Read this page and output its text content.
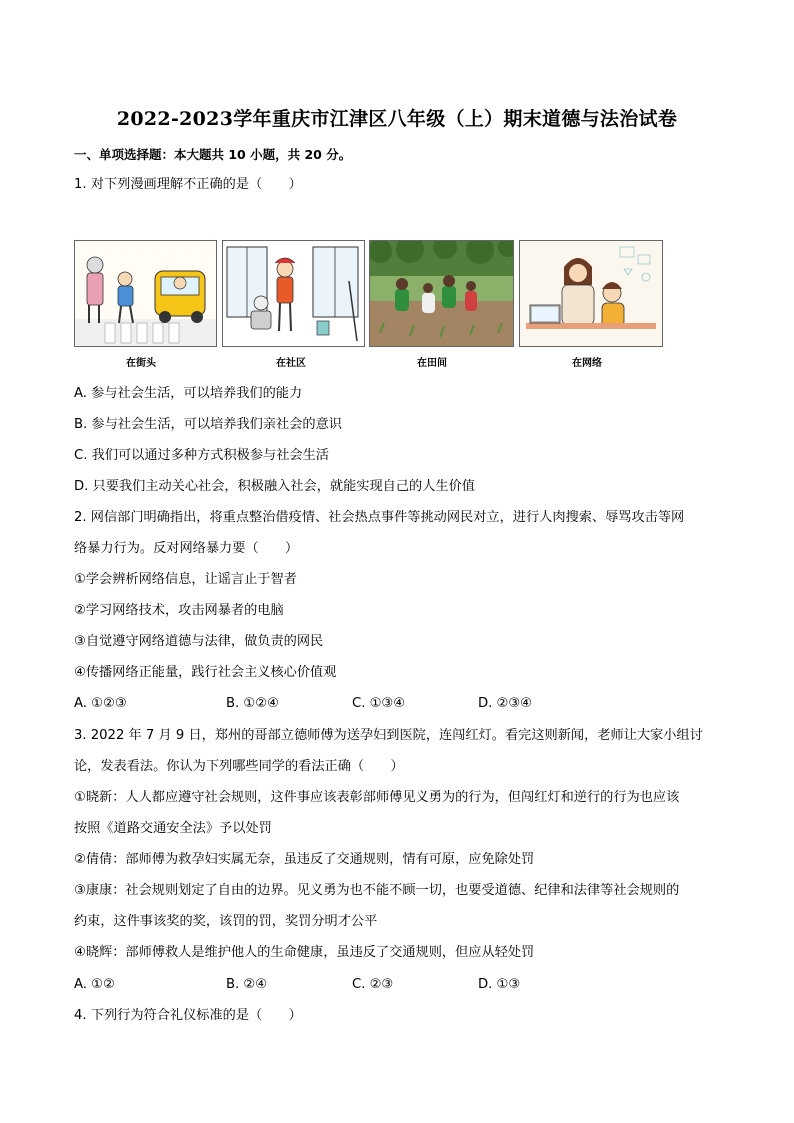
2022-2023学年重庆市江津区八年级（上）期末道德与法治试卷
一、单项选择题：本大题共 10 小题，共 20 分。
1. 对下列漫画理解不正确的是（　　）
在街头	在社区	在田间	在网络
A. 参与社会生活，可以培养我们的能力
B. 参与社会生活，可以培养我们亲社会的意识
C. 我们可以通过多种方式积极参与社会生活
D. 只要我们主动关心社会，积极融入社会，就能实现自己的人生价值
2. 网信部门明确指出，将重点整治借疫情、社会热点事件等挑动网民对立，进行人肉搜索、辱骂攻击等网
络暴力行为。反对网络暴力要（　　）
①学会辨析网络信息，让谣言止于智者
②学习网络技术，攻击网暴者的电脑
③自觉遵守网络道德与法律，做负责的网民
④传播网络正能量，践行社会主义核心价值观
A. ①②③	B. ①②④	C. ①③④	D. ②③④
3. 2022 年 7 月 9 日，郑州的哥部立德师傅为送孕妇到医院，连闯红灯。看完这则新闻，老师让大家小组讨
论，发表看法。你认为下列哪些同学的看法正确（　　）
①晓新：人人都应遵守社会规则，这件事应该表彰部师傅见义勇为的行为，但闯红灯和逆行的行为也应该
按照《道路交通安全法》予以处罚
②倩倩：部师傅为救孕妇实属无奈，虽违反了交通规则，情有可原，应免除处罚
③康康：社会规则划定了自由的边界。见义勇为也不能不顾一切，也要受道德、纪律和法律等社会规则的
约束，这件事该奖的奖，该罚的罚，奖罚分明才公平
④晓辉：部师傅救人是维护他人的生命健康，虽违反了交通规则，但应从轻处罚
A. ①②	B. ②④	C. ②③	D. ①③
4. 下列行为符合礼仪标准的是（　　）
